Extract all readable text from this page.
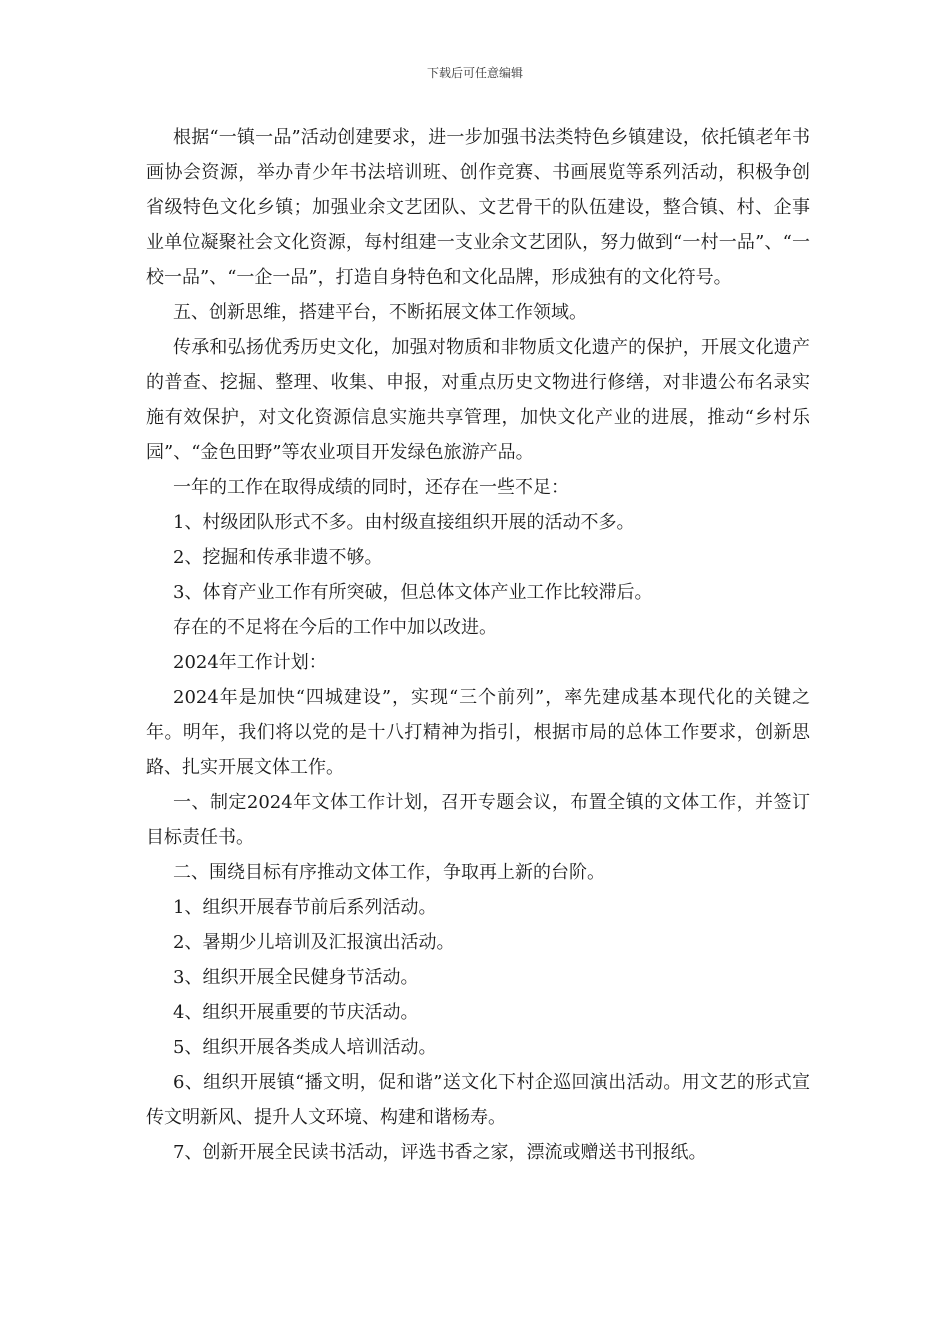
下载后可任意编辑

根据“一镇一品”活动创建要求，进一步加强书法类特色乡镇建设，依托镇老年书画协会资源，举办青少年书法培训班、创作竞赛、书画展览等系列活动，积极争创省级特色文化乡镇；加强业余文艺团队、文艺骨干的队伍建设，整合镇、村、企事业单位凝聚社会文化资源，每村组建一支业余文艺团队，努力做到“一村一品”、“一校一品”、“一企一品”，打造自身特色和文化品牌，形成独有的文化符号。

五、创新思维，搭建平台，不断拓展文体工作领域。

传承和弘扬优秀历史文化，加强对物质和非物质文化遗产的保护，开展文化遗产的普查、挖掘、整理、收集、申报，对重点历史文物进行修缮，对非遗公布名录实施有效保护，对文化资源信息实施共享管理，加快文化产业的进展，推动“乡村乐园”、“金色田野”等农业项目开发绿色旅游产品。

一年的工作在取得成绩的同时，还存在一些不足：

1、村级团队形式不多。由村级直接组织开展的活动不多。

2、挖掘和传承非遗不够。

3、体育产业工作有所突破，但总体文体产业工作比较滞后。

存在的不足将在今后的工作中加以改进。

2024年工作计划：

2024年是加快“四城建设”，实现“三个前列”，率先建成基本现代化的关键之年。明年，我们将以党的是十八打精神为指引，根据市局的总体工作要求，创新思路、扎实开展文体工作。

一、制定2024年文体工作计划，召开专题会议，布置全镇的文体工作，并签订目标责任书。

二、围绕目标有序推动文体工作，争取再上新的台阶。

1、组织开展春节前后系列活动。

2、暑期少儿培训及汇报演出活动。

3、组织开展全民健身节活动。

4、组织开展重要的节庆活动。

5、组织开展各类成人培训活动。

6、组织开展镇“播文明，促和谐”送文化下村企巡回演出活动。用文艺的形式宣传文明新风、提升人文环境、构建和谐杨寿。

7、创新开展全民读书活动，评选书香之家，漂流或赠送书刊报纸。
